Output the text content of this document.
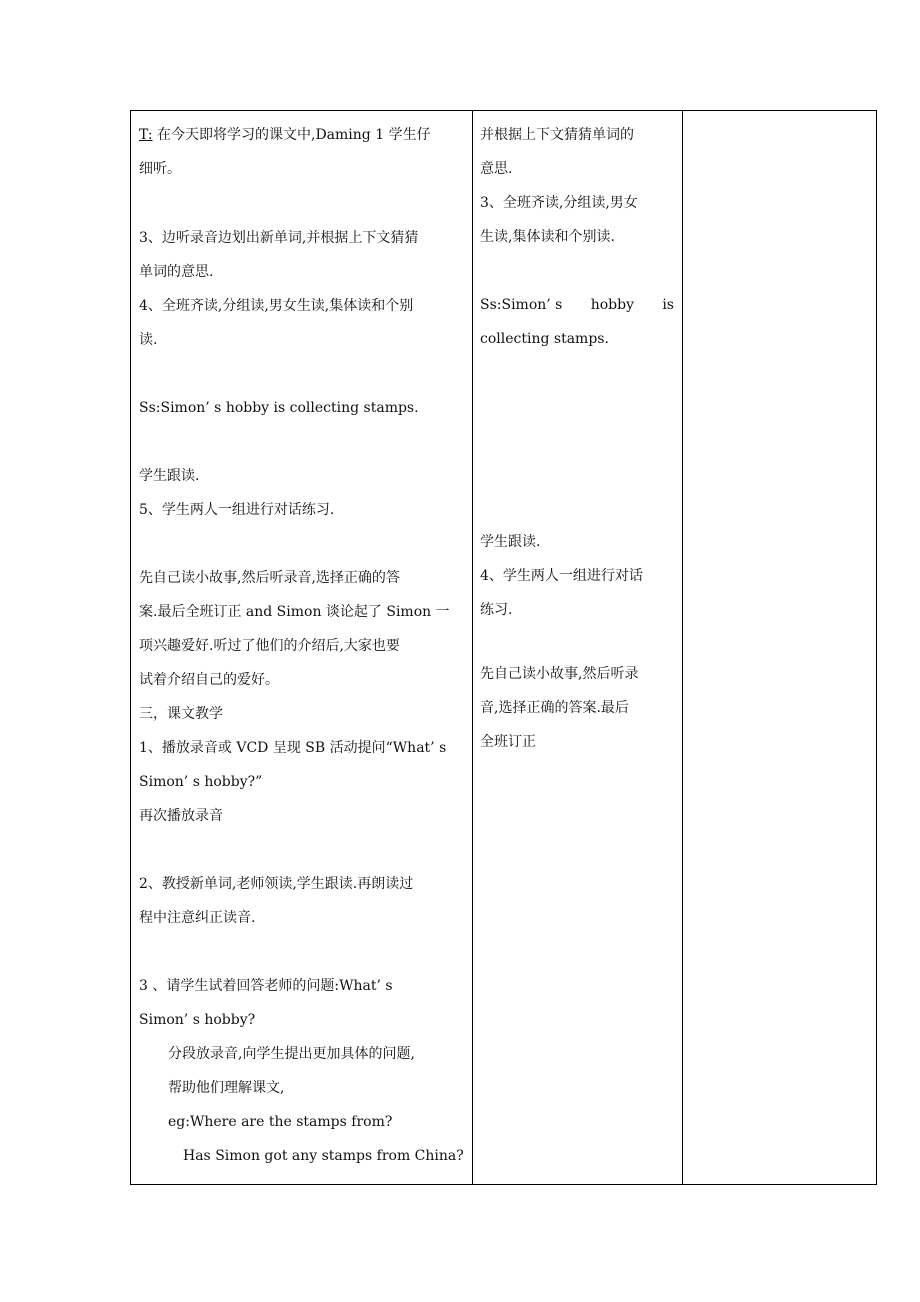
T: 在今天即将学习的课文中,Daming 1 学生仔
细听。
3、边听录音边划出新单词,并根据上下文猜猜
单词的意思.
4、全班齐读,分组读,男女生读,集体读和个别
读.
Ss:Simon’ s hobby is collecting stamps.
学生跟读.
5、学生两人一组进行对话练习.
先自己读小故事,然后听录音,选择正确的答
案.最后全班订正 and Simon 谈论起了 Simon 一
项兴趣爱好.听过了他们的介绍后,大家也要
试着介绍自己的爱好。
三，课文教学
1、播放录音或 VCD 呈现 SB 活动提问“What’ s
Simon’ s hobby?”
再次播放录音
2、教授新单词,老师领读,学生跟读.再朗读过
程中注意纠正读音.
3 、请学生试着回答老师的问题:What’ s
Simon’ s hobby?
分段放录音,向学生提出更加具体的问题,
帮助他们理解课文,
eg:Where are the stamps from?
Has Simon got any stamps from China?
并根据上下文猜猜单词的
意思.
3、全班齐读,分组读,男女
生读,集体读和个别读.
Ss:Simon’ s hobby is
collecting stamps.
学生跟读.
4、学生两人一组进行对话
练习.
先自己读小故事,然后听录
音,选择正确的答案.最后
全班订正
